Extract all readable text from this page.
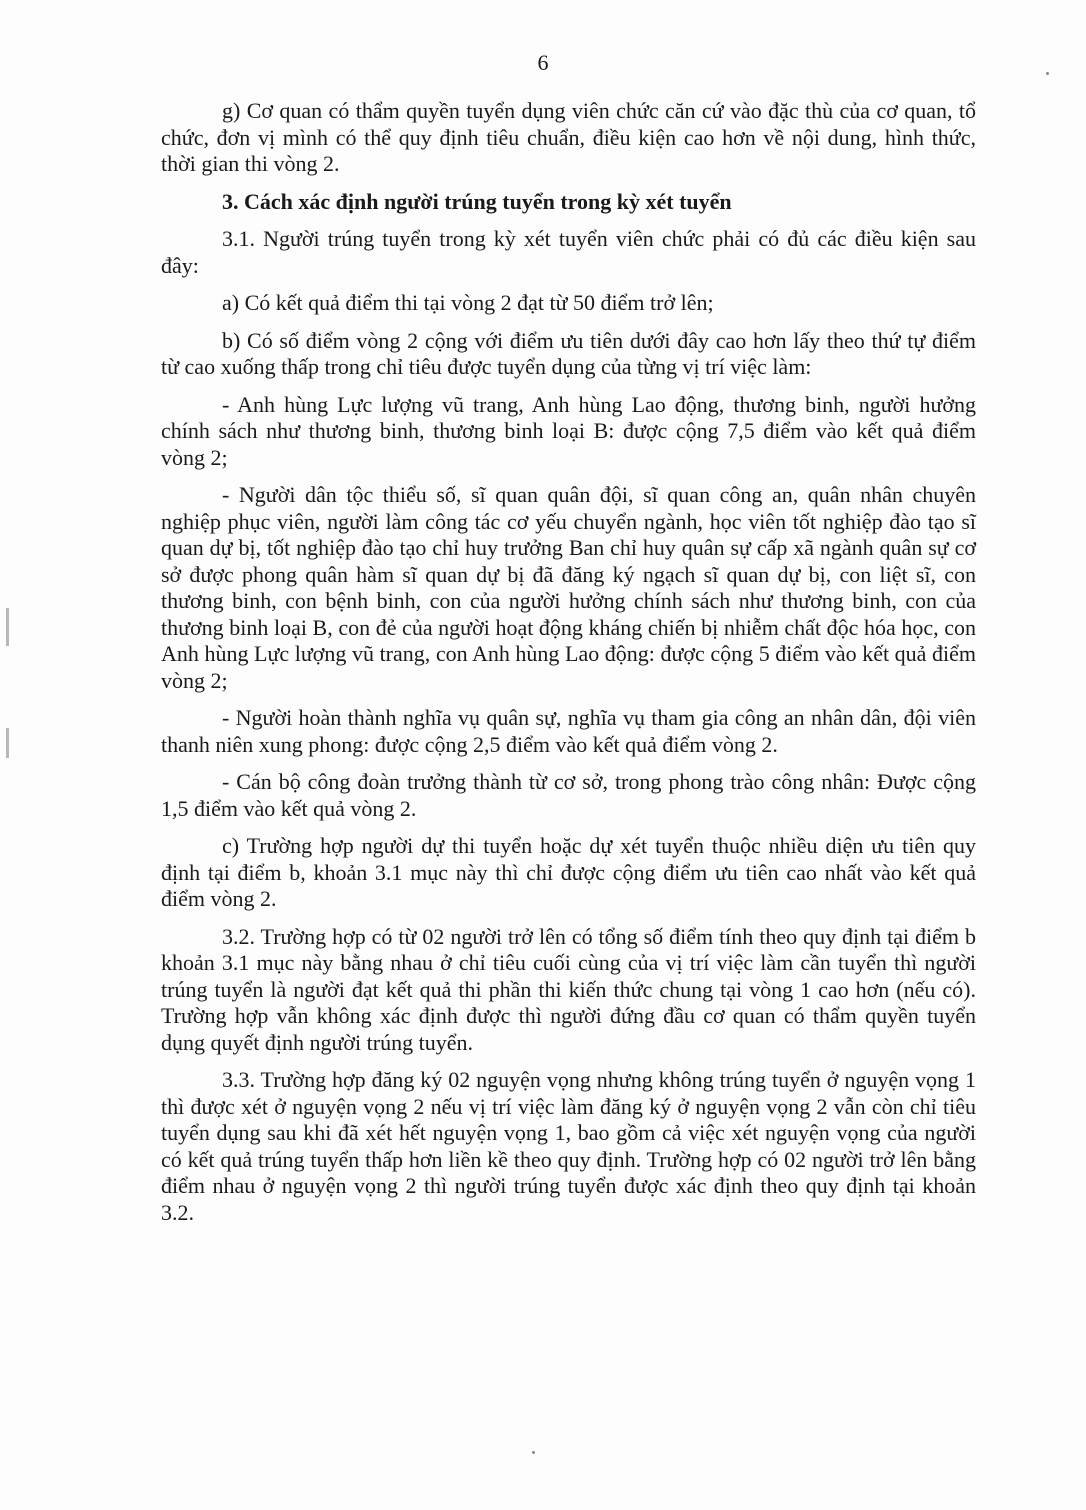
6

g) Cơ quan có thẩm quyền tuyển dụng viên chức căn cứ vào đặc thù của cơ quan, tổ chức, đơn vị mình có thể quy định tiêu chuẩn, điều kiện cao hơn về nội dung, hình thức, thời gian thi vòng 2.

3. Cách xác định người trúng tuyển trong kỳ xét tuyển

3.1. Người trúng tuyển trong kỳ xét tuyển viên chức phải có đủ các điều kiện sau đây:

a) Có kết quả điểm thi tại vòng 2 đạt từ 50 điểm trở lên;

b) Có số điểm vòng 2 cộng với điểm ưu tiên dưới đây cao hơn lấy theo thứ tự điểm từ cao xuống thấp trong chỉ tiêu được tuyển dụng của từng vị trí việc làm:

- Anh hùng Lực lượng vũ trang, Anh hùng Lao động, thương binh, người hưởng chính sách như thương binh, thương binh loại B: được cộng 7,5 điểm vào kết quả điểm vòng 2;

- Người dân tộc thiểu số, sĩ quan quân đội, sĩ quan công an, quân nhân chuyên nghiệp phục viên, người làm công tác cơ yếu chuyển ngành, học viên tốt nghiệp đào tạo sĩ quan dự bị, tốt nghiệp đào tạo chỉ huy trưởng Ban chỉ huy quân sự cấp xã ngành quân sự cơ sở được phong quân hàm sĩ quan dự bị đã đăng ký ngạch sĩ quan dự bị, con liệt sĩ, con thương binh, con bệnh binh, con của người hưởng chính sách như thương binh, con của thương binh loại B, con đẻ của người hoạt động kháng chiến bị nhiễm chất độc hóa học, con Anh hùng Lực lượng vũ trang, con Anh hùng Lao động: được cộng 5 điểm vào kết quả điểm vòng 2;

- Người hoàn thành nghĩa vụ quân sự, nghĩa vụ tham gia công an nhân dân, đội viên thanh niên xung phong: được cộng 2,5 điểm vào kết quả điểm vòng 2.

- Cán bộ công đoàn trưởng thành từ cơ sở, trong phong trào công nhân: Được cộng 1,5 điểm vào kết quả vòng 2.

c) Trường hợp người dự thi tuyển hoặc dự xét tuyển thuộc nhiều diện ưu tiên quy định tại điểm b, khoản 3.1 mục này thì chỉ được cộng điểm ưu tiên cao nhất vào kết quả điểm vòng 2.

3.2. Trường hợp có từ 02 người trở lên có tổng số điểm tính theo quy định tại điểm b khoản 3.1 mục này bằng nhau ở chỉ tiêu cuối cùng của vị trí việc làm cần tuyển thì người trúng tuyển là người đạt kết quả thi phần thi kiến thức chung tại vòng 1 cao hơn (nếu có). Trường hợp vẫn không xác định được thì người đứng đầu cơ quan có thẩm quyền tuyển dụng quyết định người trúng tuyển.

3.3. Trường hợp đăng ký 02 nguyện vọng nhưng không trúng tuyển ở nguyện vọng 1 thì được xét ở nguyện vọng 2 nếu vị trí việc làm đăng ký ở nguyện vọng 2 vẫn còn chỉ tiêu tuyển dụng sau khi đã xét hết nguyện vọng 1, bao gồm cả việc xét nguyện vọng của người có kết quả trúng tuyển thấp hơn liền kề theo quy định. Trường hợp có 02 người trở lên bằng điểm nhau ở nguyện vọng 2 thì người trúng tuyển được xác định theo quy định tại khoản 3.2.
